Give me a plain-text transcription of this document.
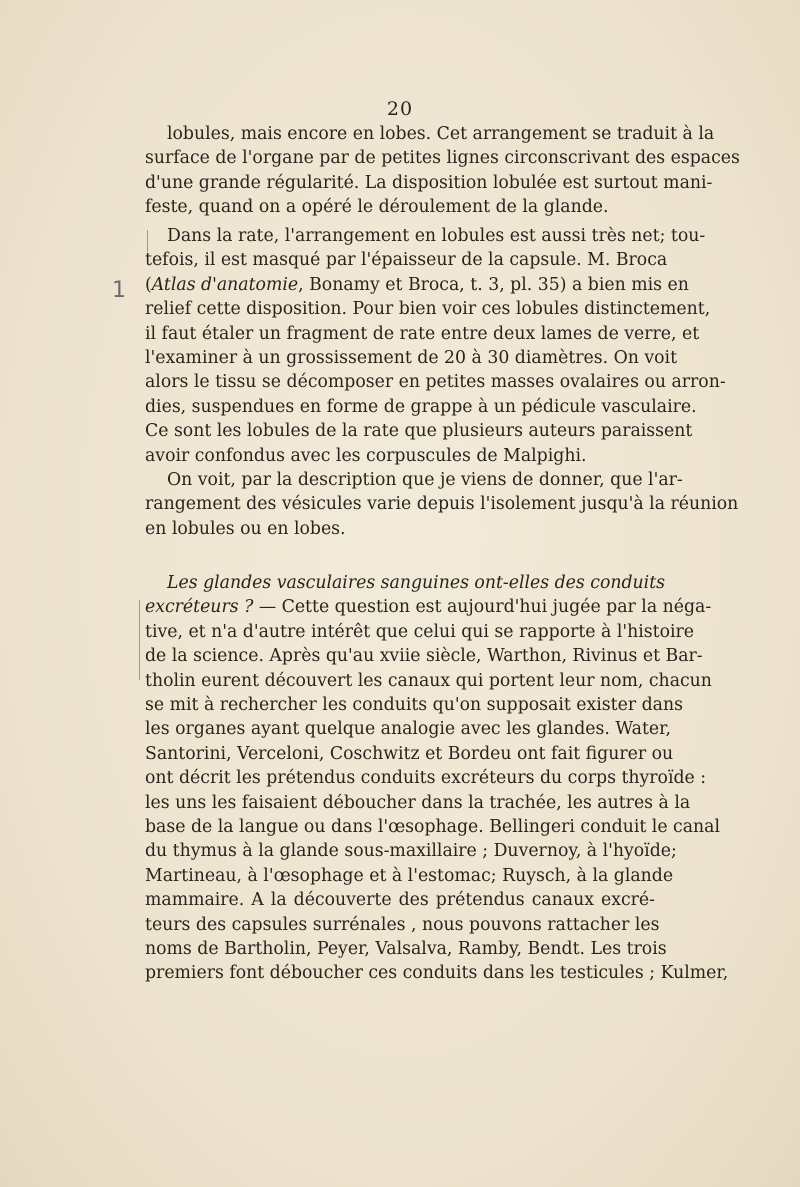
20
1
lobules, mais encore en lobes. Cet arrangement se traduit à la
surface de l'organe par de petites lignes circonscrivant des espaces
d'une grande régularité. La disposition lobulée est surtout mani-
feste, quand on a opéré le déroulement de la glande.
Dans la rate, l'arrangement en lobules est aussi très net; tou-
tefois, il est masqué par l'épaisseur de la capsule. M. Broca
(Atlas d'anatomie, Bonamy et Broca, t. 3, pl. 35) a bien mis en
relief cette disposition. Pour bien voir ces lobules distinctement,
il faut étaler un fragment de rate entre deux lames de verre, et
l'examiner à un grossissement de 20 à 30 diamètres. On voit
alors le tissu se décomposer en petites masses ovalaires ou arron-
dies, suspendues en forme de grappe à un pédicule vasculaire.
Ce sont les lobules de la rate que plusieurs auteurs paraissent
avoir confondus avec les corpuscules de Malpighi.
On voit, par la description que je viens de donner, que l'ar-
rangement des vésicules varie depuis l'isolement jusqu'à la réunion
en lobules ou en lobes.
Les glandes vasculaires sanguines ont-elles des conduits
excréteurs ? — Cette question est aujourd'hui jugée par la néga-
tive, et n'a d'autre intérêt que celui qui se rapporte à l'histoire
de la science. Après qu'au xviie siècle, Warthon, Rivinus et Bar-
tholin eurent découvert les canaux qui portent leur nom, chacun
se mit à rechercher les conduits qu'on supposait exister dans
les organes ayant quelque analogie avec les glandes. Water,
Santorini, Verceloni, Coschwitz et Bordeu ont fait figurer ou
ont décrit les prétendus conduits excréteurs du corps thyroïde :
les uns les faisaient déboucher dans la trachée, les autres à la
base de la langue ou dans l'œsophage. Bellingeri conduit le canal
du thymus à la glande sous-maxillaire ; Duvernoy, à l'hyoïde;
Martineau, à l'œsophage et à l'estomac; Ruysch, à la glande
mammaire. A la découverte des prétendus canaux excré-
teurs des capsules surrénales , nous pouvons rattacher les
noms de Bartholin, Peyer, Valsalva, Ramby, Bendt. Les trois
premiers font déboucher ces conduits dans les testicules ; Kulmer,
